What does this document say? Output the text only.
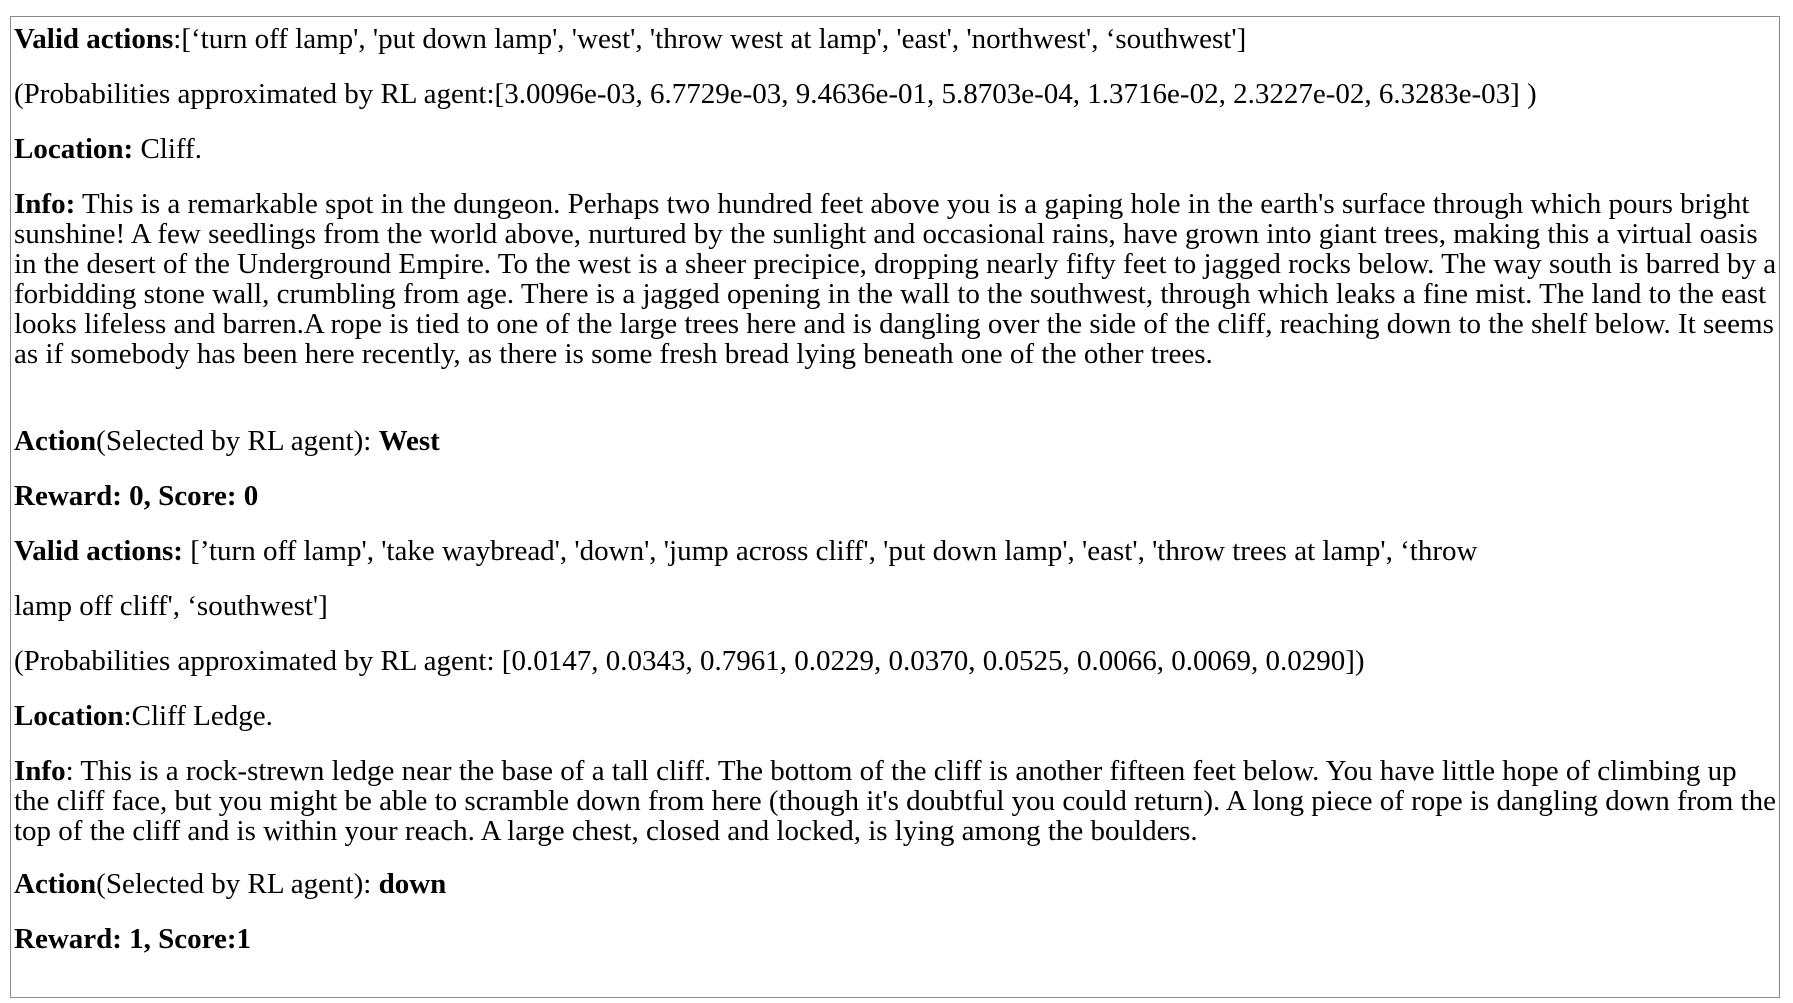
Valid actions:[‘turn off lamp', 'put down lamp', 'west', 'throw west at lamp', 'east', 'northwest', ‘southwest']

(Probabilities approximated by RL agent:[3.0096e-03, 6.7729e-03, 9.4636e-01, 5.8703e-04, 1.3716e-02, 2.3227e-02, 6.3283e-03] )

Location: Cliff.

Info: This is a remarkable spot in the dungeon. Perhaps two hundred feet above you is a gaping hole in the earth's surface through which pours bright sunshine! A few seedlings from the world above, nurtured by the sunlight and occasional rains, have grown into giant trees, making this a virtual oasis in the desert of the Underground Empire. To the west is a sheer precipice, dropping nearly fifty feet to jagged rocks below. The way south is barred by a forbidding stone wall, crumbling from age. There is a jagged opening in the wall to the southwest, through which leaks a fine mist. The land to the east looks lifeless and barren.A rope is tied to one of the large trees here and is dangling over the side of the cliff, reaching down to the shelf below. It seems as if somebody has been here recently, as there is some fresh bread lying beneath one of the other trees.

Action(Selected by RL agent): West

Reward: 0, Score: 0

Valid actions: [’turn off lamp', 'take waybread', 'down', 'jump across cliff', 'put down lamp', 'east', 'throw trees at lamp', ‘throw

lamp off cliff', ‘southwest']

(Probabilities approximated by RL agent: [0.0147, 0.0343, 0.7961, 0.0229, 0.0370, 0.0525, 0.0066, 0.0069, 0.0290])

Location:Cliff Ledge.

Info: This is a rock-strewn ledge near the base of a tall cliff. The bottom of the cliff is another fifteen feet below. You have little hope of climbing up the cliff face, but you might be able to scramble down from here (though it's doubtful you could return). A long piece of rope is dangling down from the top of the cliff and is within your reach. A large chest, closed and locked, is lying among the boulders.

Action(Selected by RL agent): down

Reward: 1, Score:1
